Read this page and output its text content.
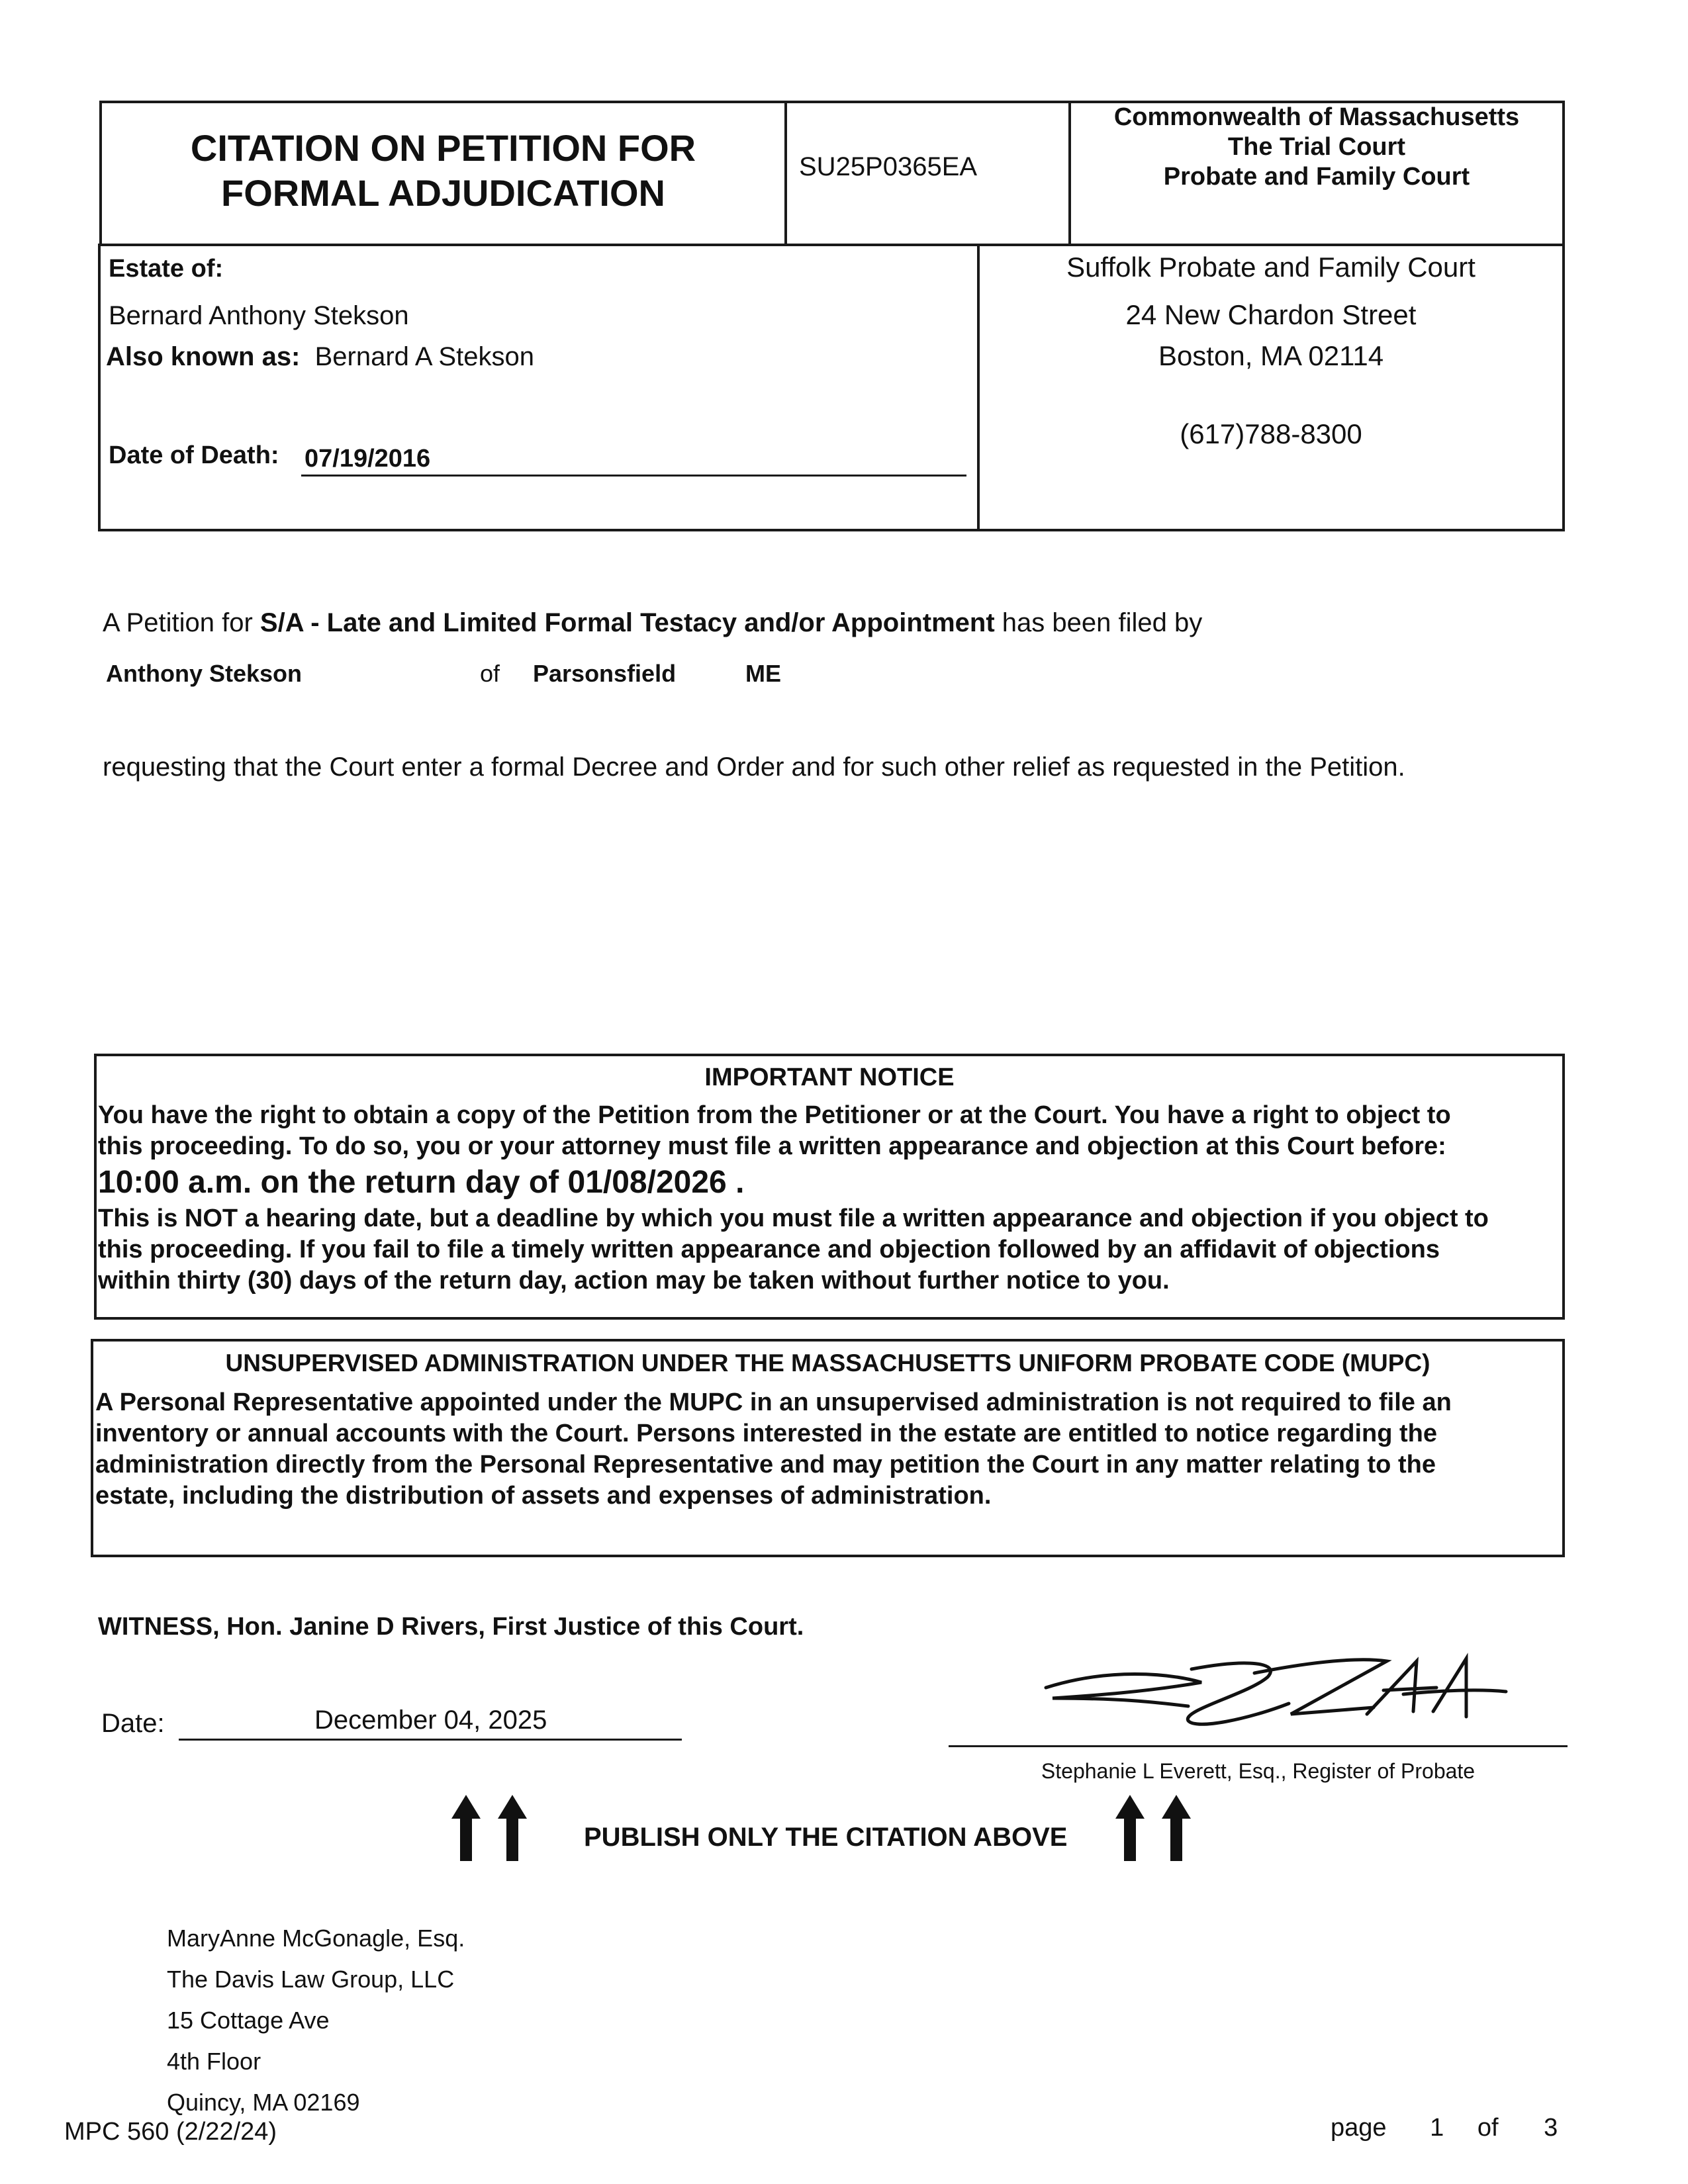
CITATION ON PETITION FOR
FORMAL ADJUDICATION
SU25P0365EA
Commonwealth of Massachusetts
The Trial Court
Probate and Family Court
Estate of:
Bernard Anthony Stekson
Also known as: Bernard A Stekson
Date of Death: 07/19/2016
Suffolk Probate and Family Court
24 New Chardon Street
Boston, MA 02114
(617)788-8300
A Petition for S/A - Late and Limited Formal Testacy and/or Appointment has been filed by
Anthony Stekson	of Parsonsfield	ME
requesting that the Court enter a formal Decree and Order and for such other relief as requested in the Petition.
IMPORTANT NOTICE
You have the right to obtain a copy of the Petition from the Petitioner or at the Court. You have a right to object to
this proceeding. To do so, you or your attorney must file a written appearance and objection at this Court before:
10:00 a.m. on the return day of 01/08/2026 .
This is NOT a hearing date, but a deadline by which you must file a written appearance and objection if you object to
this proceeding. If you fail to file a timely written appearance and objection followed by an affidavit of objections
within thirty (30) days of the return day, action may be taken without further notice to you.
UNSUPERVISED ADMINISTRATION UNDER THE MASSACHUSETTS UNIFORM PROBATE CODE (MUPC)
A Personal Representative appointed under the MUPC in an unsupervised administration is not required to file an
inventory or annual accounts with the Court. Persons interested in the estate are entitled to notice regarding the
administration directly from the Personal Representative and may petition the Court in any matter relating to the
estate, including the distribution of assets and expenses of administration.
WITNESS, Hon. Janine D Rivers, First Justice of this Court.
Date:	December 04, 2025
Stephanie L Everett, Esq., Register of Probate
PUBLISH ONLY THE CITATION ABOVE
MaryAnne McGonagle, Esq.
The Davis Law Group, LLC
15 Cottage Ave
4th Floor
Quincy, MA 02169
MPC 560 (2/22/24)	page 1 of 3
